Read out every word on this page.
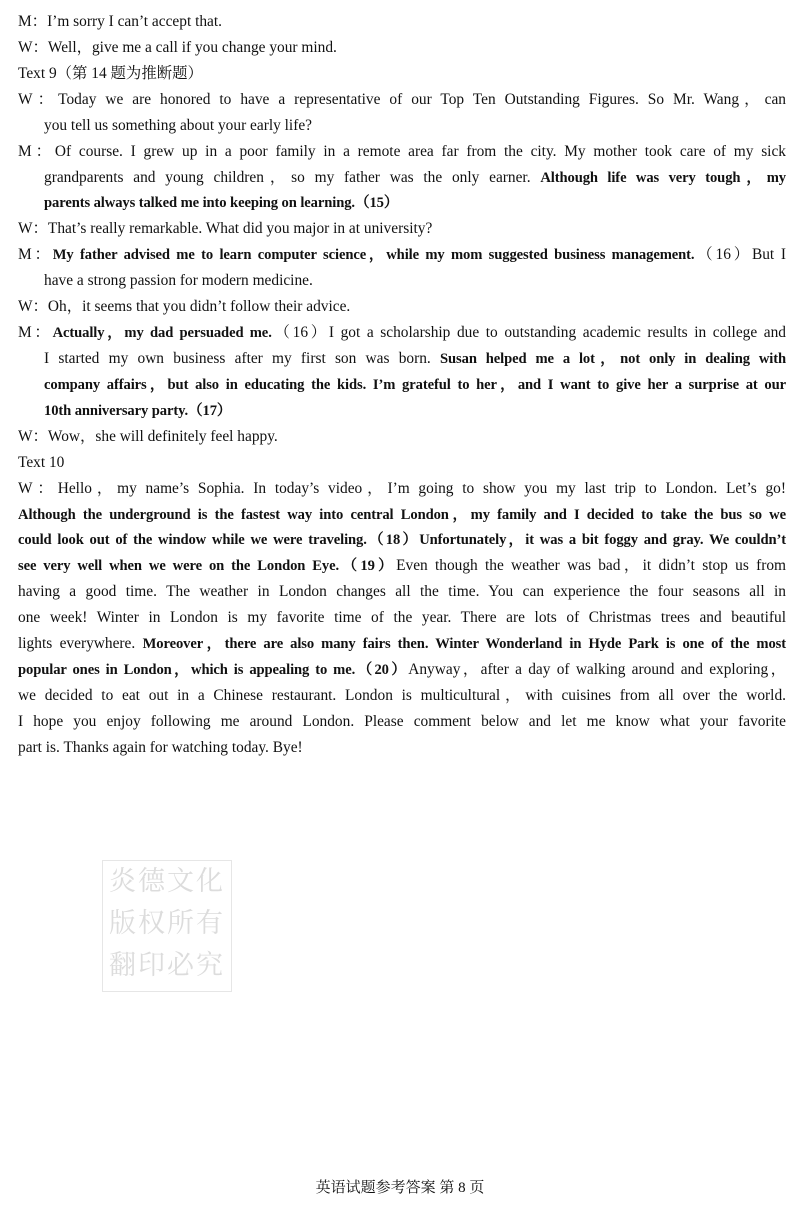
M：I’m sorry I can’t accept that.
W：Well，give me a call if you change your mind.
Text 9（第 14 题为推断题）
W：Today we are honored to have a representative of our Top Ten Outstanding Figures. So Mr. Wang，can
you tell us something about your early life?
M：Of course. I grew up in a poor family in a remote area far from the city. My mother took care of my sick
grandparents and young children，so my father was the only earner. Although life was very tough，my
parents always talked me into keeping on learning.（15）
W：That’s really remarkable. What did you major in at university?
M：My father advised me to learn computer science，while my mom suggested business management.（16）But I
have a strong passion for modern medicine.
W：Oh，it seems that you didn’t follow their advice.
M：Actually，my dad persuaded me.（16）I got a scholarship due to outstanding academic results in college and
I started my own business after my first son was born. Susan helped me a lot，not only in dealing with
company affairs，but also in educating the kids. I’m grateful to her，and I want to give her a surprise at our
10th anniversary party.（17）
W：Wow，she will definitely feel happy.
Text 10
W：Hello，my name’s Sophia. In today’s video，I’m going to show you my last trip to London. Let’s go!
Although the underground is the fastest way into central London，my family and I decided to take the bus so we
could look out of the window while we were traveling.（18）Unfortunately，it was a bit foggy and gray. We couldn’t
see very well when we were on the London Eye.（19）Even though the weather was bad，it didn’t stop us from
having a good time. The weather in London changes all the time. You can experience the four seasons all in
one week! Winter in London is my favorite time of the year. There are lots of Christmas trees and beautiful
lights everywhere. Moreover，there are also many fairs then. Winter Wonderland in Hyde Park is one of the most
popular ones in London，which is appealing to me.（20）Anyway，after a day of walking around and exploring，
we decided to eat out in a Chinese restaurant. London is multicultural，with cuisines from all over the world.
I hope you enjoy following me around London. Please comment below and let me know what your favorite
part is. Thanks again for watching today. Bye!
炎德文化
版权所有
翻印必究
英语试题参考答案 第 8 页
